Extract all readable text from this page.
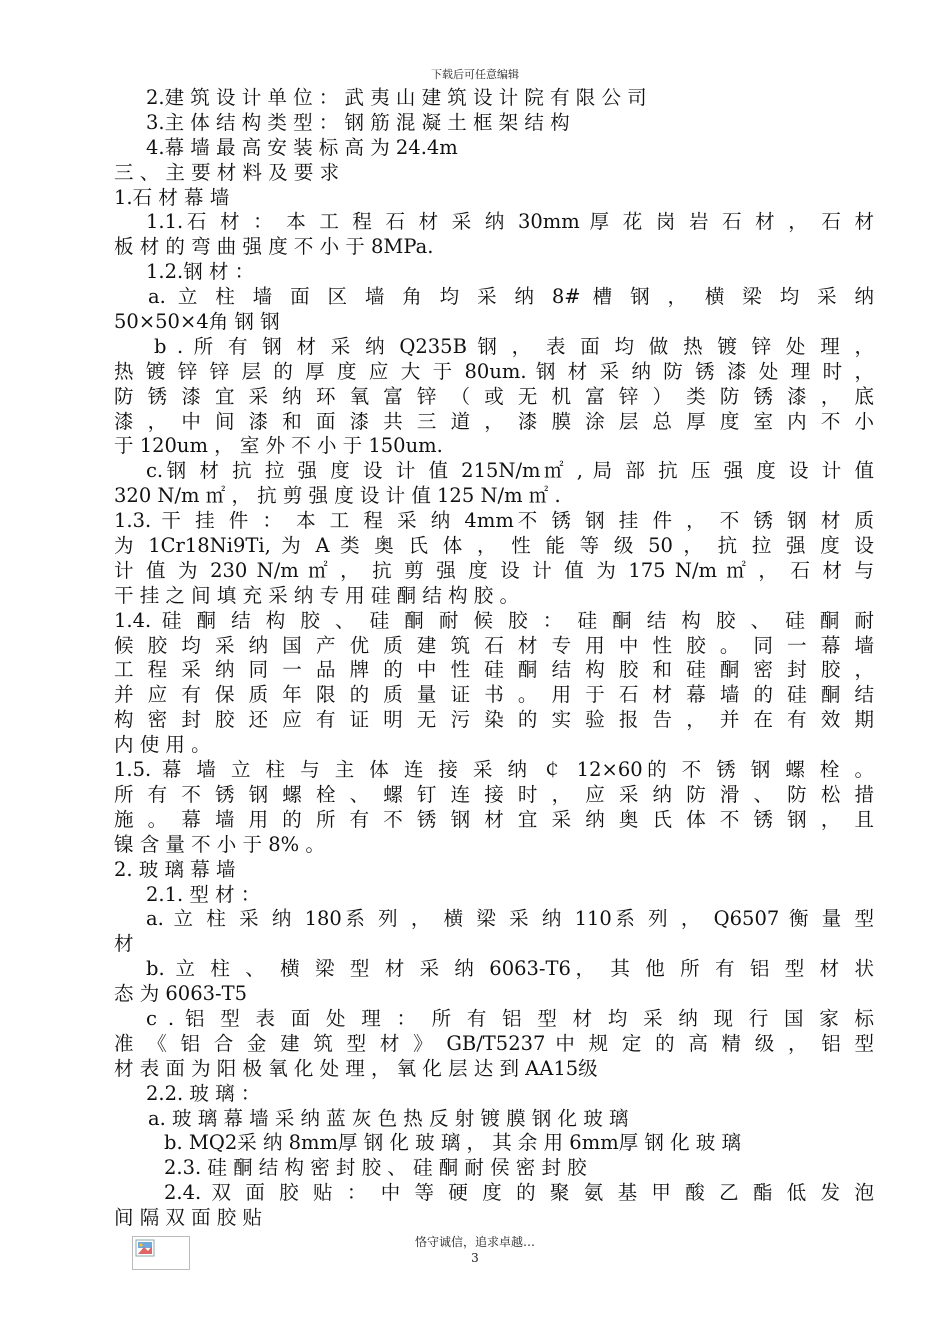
下载后可任意编辑
2.建 筑 设 计 单 位 ： 武 夷 山 建 筑 设 计 院 有 限 公 司
3.主 体 结 构 类 型 ： 钢 筋 混 凝 土 框 架 结 构
4.幕 墙 最 高 安 装 标 高 为 24.4m
三 、 主 要 材 料 及 要 求
1.石 材 幕 墙
1.1.石 材 ： 本 工 程 石 材 采 纳 30mm 厚 花 岗 岩 石 材 ， 石 材
板 材 的 弯 曲 强 度 不 小 于 8MPa.
1.2.钢 材 ：
a. 立 柱 墙 面 区 墙 角 均 采 纳 8# 槽 钢 ， 横 梁 均 采 纳
50×50×4角 钢 钢
b . 所 有 钢 材 采 纳 Q235B 钢 ， 表 面 均 做 热 镀 锌 处 理 ，
热 镀 锌 锌 层 的 厚 度 应 大 于 80um. 钢 材 采 纳 防 锈 漆 处 理 时 ，
防 锈 漆 宜 采 纳 环 氧 富 锌 （ 或 无 机 富 锌 ） 类 防 锈 漆 ， 底
漆 ， 中 间 漆 和 面 漆 共 三 道 ， 漆 膜 涂 层 总 厚 度 室 内 不 小
于 120um ， 室 外 不 小 于 150um.
c.钢 材 抗 拉 强 度 设 计 值 215N/m㎡ , 局 部 抗 压 强 度 设 计 值
320 N/m ㎡ ， 抗 剪 强 度 设 计 值 125 N/m ㎡ .
1.3. 干 挂 件 ： 本 工 程 采 纳 4mm不 锈 钢 挂 件 ， 不 锈 钢 材 质
为 1Cr18Ni9Ti, 为 A 类 奥 氏 体 ， 性 能 等 级 50 ， 抗 拉 强 度 设
计 值 为 230 N/m ㎡ ， 抗 剪 强 度 设 计 值 为 175 N/m ㎡ ， 石 材 与
干 挂 之 间 填 充 采 纳 专 用 硅 酮 结 构 胶 。
1.4. 硅 酮 结 构 胶 、 硅 酮 耐 候 胶 ： 硅 酮 结 构 胶 、 硅 酮 耐
候 胶 均 采 纳 国 产 优 质 建 筑 石 材 专 用 中 性 胶 。 同 一 幕 墙
工 程 采 纳 同 一 品 牌 的 中 性 硅 酮 结 构 胶 和 硅 酮 密 封 胶 ，
并 应 有 保 质 年 限 的 质 量 证 书 。 用 于 石 材 幕 墙 的 硅 酮 结
构 密 封 胶 还 应 有 证 明 无 污 染 的 实 验 报 告 ， 并 在 有 效 期
内 使 用 。
1.5. 幕 墙 立 柱 与 主 体 连 接 采 纳 ￠ 12×60的 不 锈 钢 螺 栓 。
所 有 不 锈 钢 螺 栓 、 螺 钉 连 接 时 ， 应 采 纳 防 滑 、 防 松 措
施 。 幕 墙 用 的 所 有 不 锈 钢 材 宜 采 纳 奥 氏 体 不 锈 钢 ， 且
镍 含 量 不 小 于 8% 。
2. 玻 璃 幕 墙
2.1. 型 材 ：
a. 立 柱 采 纳 180系 列 ， 横 梁 采 纳 110系 列 ， Q6507 衡 量 型
材
b. 立 柱 、 横 梁 型 材 采 纳 6063-T6， 其 他 所 有 铝 型 材 状
态 为 6063-T5
c . 铝 型 表 面 处 理 ： 所 有 铝 型 材 均 采 纳 现 行 国 家 标
准 《 铝 合 金 建 筑 型 材 》 GB/T5237 中 规 定 的 高 精 级 ， 铝 型
材 表 面 为 阳 极 氧 化 处 理 ， 氧 化 层 达 到 AA15级
2.2. 玻 璃 ：
a. 玻 璃 幕 墙 采 纳 蓝 灰 色 热 反 射 镀 膜 钢 化 玻 璃
b. MQ2采 纳 8mm厚 钢 化 玻 璃 ， 其 余 用 6mm厚 钢 化 玻 璃
2.3. 硅 酮 结 构 密 封 胶 、 硅 酮 耐 侯 密 封 胶
2.4. 双 面 胶 贴 ： 中 等 硬 度 的 聚 氨 基 甲 酸 乙 酯 低 发 泡
间 隔 双 面 胶 贴
恪守诚信，追求卓越…
3
